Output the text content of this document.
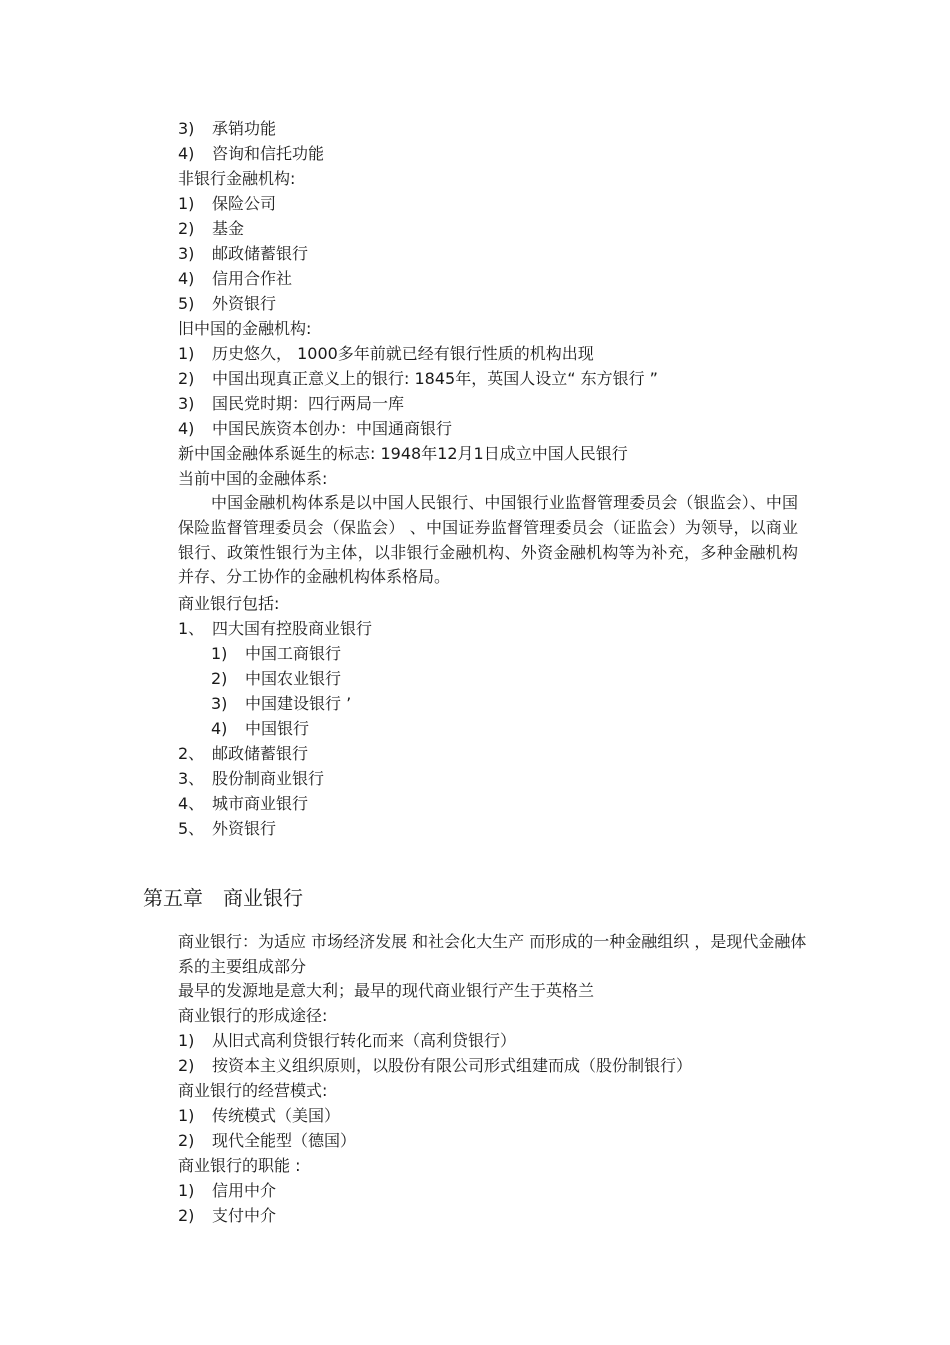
3) 承销功能
4) 咨询和信托功能
非银行金融机构:
1) 保险公司
2) 基金
3) 邮政储蓄银行
4) 信用合作社
5) 外资银行
旧中国的金融机构:
1) 历史悠久， 1000多年前就已经有银行性质的机构出现
2) 中国出现真正意义上的银行: 1845年，英国人设立“ 东方银行 ”
3) 国民党时期：四行两局一库
4) 中国民族资本创办：中国通商银行
新中国金融体系诞生的标志: 1948年12月1日成立中国人民银行
当前中国的金融体系:
中国金融机构体系是以中国人民银行、中国银行业监督管理委员会（银监会）、中国保险监督管理委员会（保监会） 、中国证券监督管理委员会（证监会）为领导，以商业银行、政策性银行为主体，以非银行金融机构、外资金融机构等为补充，多种金融机构并存、分工协作的金融机构体系格局。
商业银行包括:
1、 四大国有控股商业银行
1) 中国工商银行
2) 中国农业银行
3) 中国建设银行 ’
4) 中国银行
2、 邮政储蓄银行
3、 股份制商业银行
4、 城市商业银行
5、 外资银行
第五章　商业银行
商业银行：为适应 市场经济发展 和社会化大生产 而形成的一种金融组织 ，是现代金融体系的主要组成部分
最早的发源地是意大利；最早的现代商业银行产生于英格兰
商业银行的形成途径:
1) 从旧式高利贷银行转化而来（高利贷银行）
2) 按资本主义组织原则，以股份有限公司形式组建而成（股份制银行）
商业银行的经营模式:
1) 传统模式（美国）
2) 现代全能型（德国）
商业银行的职能 :
1) 信用中介
2) 支付中介
